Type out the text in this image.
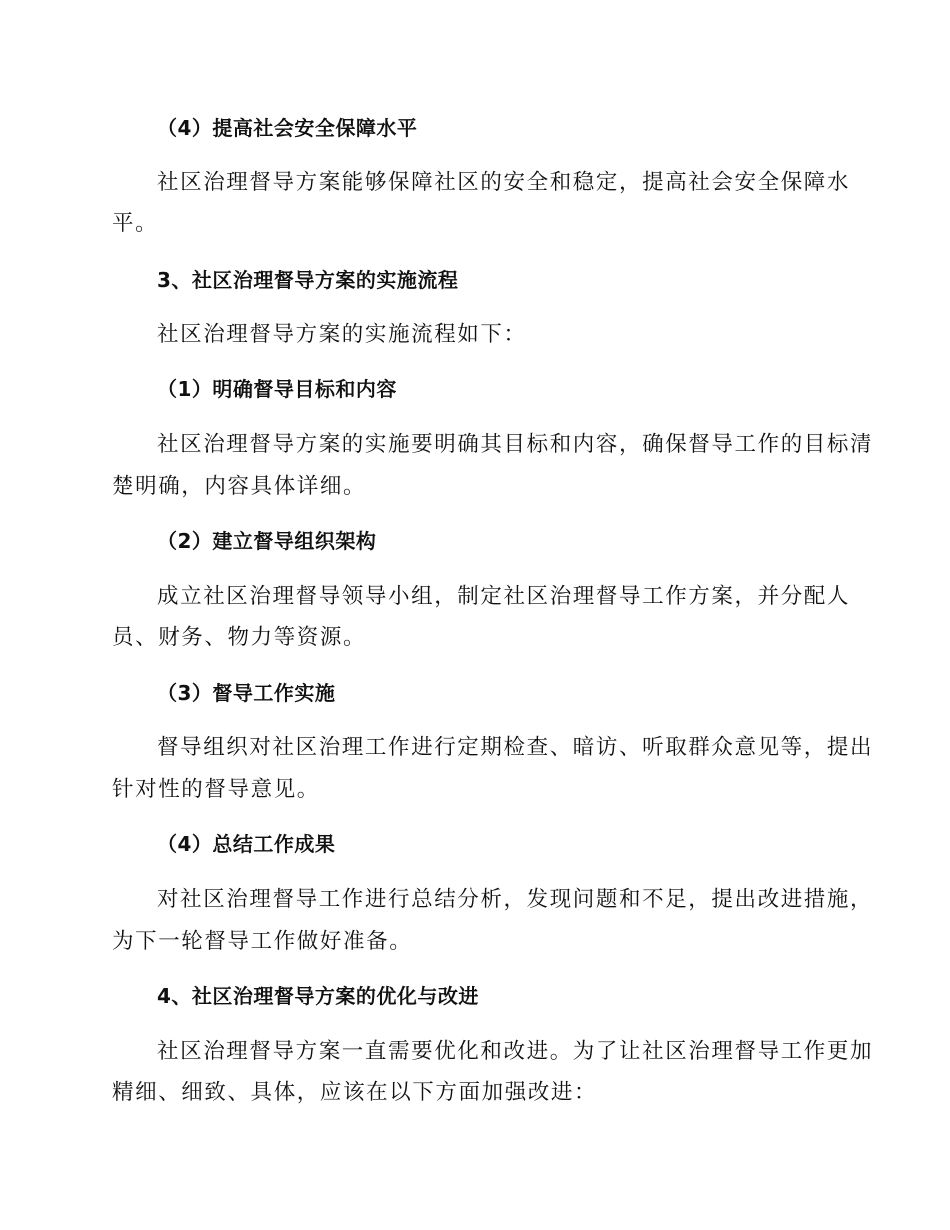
（4）提高社会安全保障水平
社区治理督导方案能够保障社区的安全和稳定，提高社会安全保障水
平。
3、社区治理督导方案的实施流程
社区治理督导方案的实施流程如下：
（1）明确督导目标和内容
社区治理督导方案的实施要明确其目标和内容，确保督导工作的目标清
楚明确，内容具体详细。
（2）建立督导组织架构
成立社区治理督导领导小组，制定社区治理督导工作方案，并分配人
员、财务、物力等资源。
（3）督导工作实施
督导组织对社区治理工作进行定期检查、暗访、听取群众意见等，提出
针对性的督导意见。
（4）总结工作成果
对社区治理督导工作进行总结分析，发现问题和不足，提出改进措施，
为下一轮督导工作做好准备。
4、社区治理督导方案的优化与改进
社区治理督导方案一直需要优化和改进。为了让社区治理督导工作更加
精细、细致、具体，应该在以下方面加强改进：
